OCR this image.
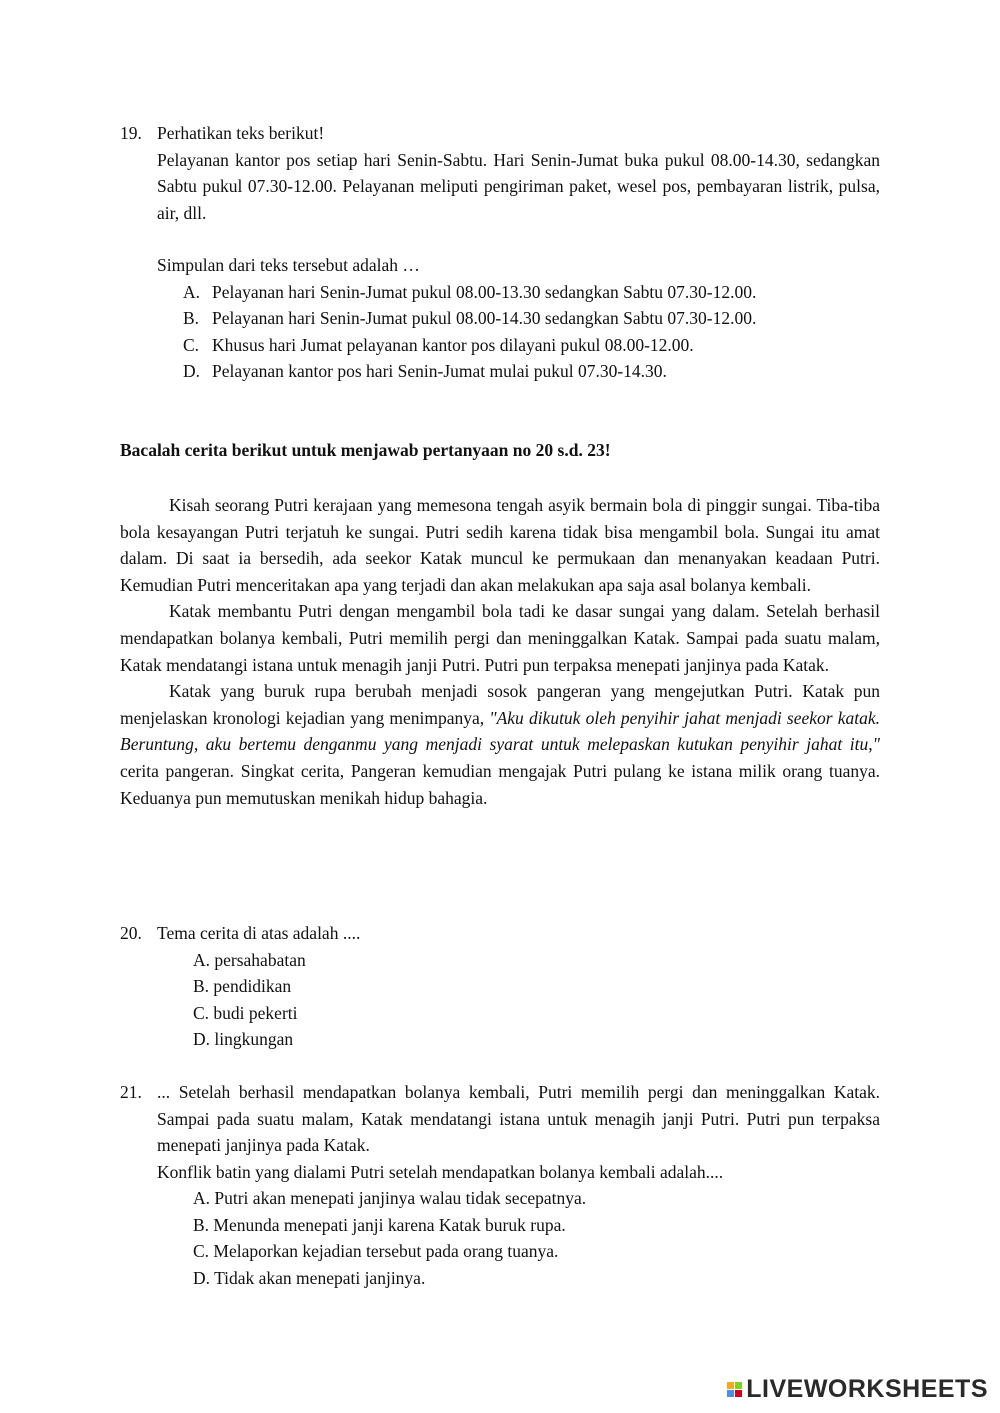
19. Perhatikan teks berikut!
Pelayanan kantor pos setiap hari Senin-Sabtu. Hari Senin-Jumat buka pukul 08.00-14.30, sedangkan Sabtu pukul 07.30-12.00. Pelayanan meliputi pengiriman paket, wesel pos, pembayaran listrik, pulsa, air, dll.
Simpulan dari teks tersebut adalah …
A. Pelayanan hari Senin-Jumat pukul 08.00-13.30 sedangkan Sabtu 07.30-12.00.
B. Pelayanan hari Senin-Jumat pukul 08.00-14.30 sedangkan Sabtu 07.30-12.00.
C. Khusus hari Jumat pelayanan kantor pos dilayani pukul 08.00-12.00.
D. Pelayanan kantor pos hari Senin-Jumat mulai pukul 07.30-14.30.
Bacalah cerita berikut untuk menjawab pertanyaan no 20 s.d. 23!

Kisah seorang Putri kerajaan yang memesona tengah asyik bermain bola di pinggir sungai. Tiba-tiba bola kesayangan Putri terjatuh ke sungai. Putri sedih karena tidak bisa mengambil bola. Sungai itu amat dalam. Di saat ia bersedih, ada seekor Katak muncul ke permukaan dan menanyakan keadaan Putri. Kemudian Putri menceritakan apa yang terjadi dan akan melakukan apa saja asal bolanya kembali.

Katak membantu Putri dengan mengambil bola tadi ke dasar sungai yang dalam. Setelah berhasil mendapatkan bolanya kembali, Putri memilih pergi dan meninggalkan Katak. Sampai pada suatu malam, Katak mendatangi istana untuk menagih janji Putri. Putri pun terpaksa menepati janjinya pada Katak.

Katak yang buruk rupa berubah menjadi sosok pangeran yang mengejutkan Putri. Katak pun menjelaskan kronologi kejadian yang menimpanya, "Aku dikutuk oleh penyihir jahat menjadi seekor katak. Beruntung, aku bertemu denganmu yang menjadi syarat untuk melepaskan kutukan penyihir jahat itu," cerita pangeran. Singkat cerita, Pangeran kemudian mengajak Putri pulang ke istana milik orang tuanya. Keduanya pun memutuskan menikah hidup bahagia.

20. Tema cerita di atas adalah ....
A. persahabatan
B. pendidikan
C. budi pekerti
D. lingkungan
21. ... Setelah berhasil mendapatkan bolanya kembali, Putri memilih pergi dan meninggalkan Katak. Sampai pada suatu malam, Katak mendatangi istana untuk menagih janji Putri. Putri pun terpaksa menepati janjinya pada Katak.
Konflik batin yang dialami Putri setelah mendapatkan bolanya kembali adalah....
A. Putri akan menepati janjinya walau tidak secepatnya.
B. Menunda menepati janji karena Katak buruk rupa.
C. Melaporkan kejadian tersebut pada orang tuanya.
D. Tidak akan menepati janjinya.
LIVEWORKSHEETS
